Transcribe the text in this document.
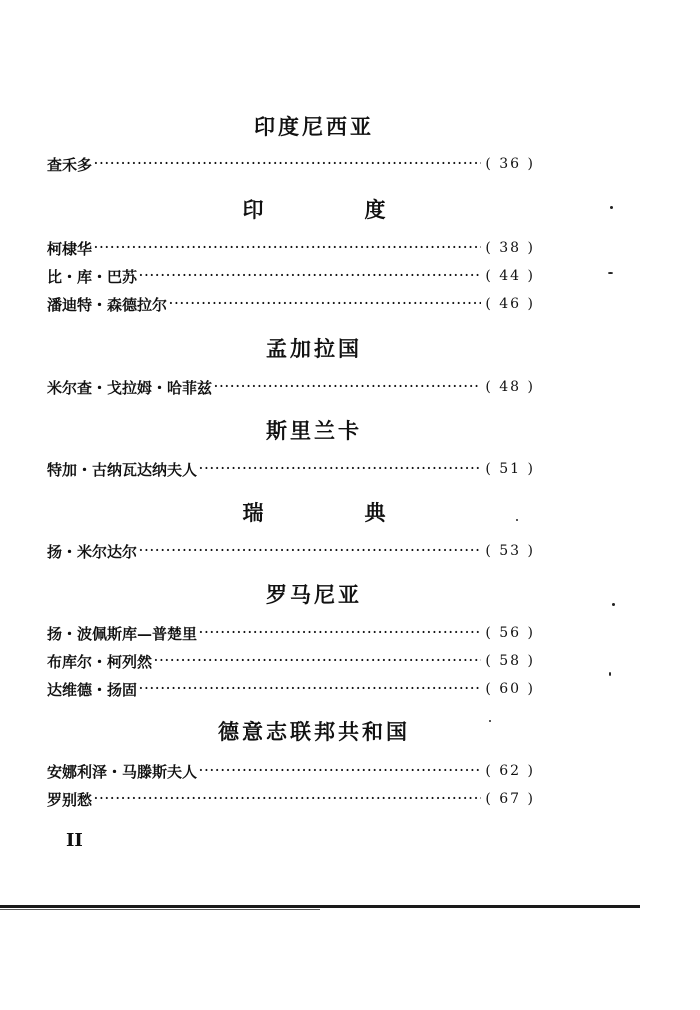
印度尼西亚
查禾多 ·····	( 36 )
印　度
柯棣华 ·····	( 38 )
比・库・巴苏 ·····	( 44 )
潘迪特・森德拉尔 ·····	( 46 )
孟加拉国
米尔查・戈拉姆・哈菲兹 ·····	( 48 )
斯里兰卡
特加・古纳瓦达纳夫人 ·····	( 51 )
瑞　典
扬・米尔达尔 ·····	( 53 )
罗马尼亚
扬・波佩斯库—普楚里 ·····	( 56 )
布库尔・柯列然 ·····	( 58 )
达维德・扬固 ·····	( 60 )
德意志联邦共和国
安娜利泽・马滕斯夫人 ·····	( 62 )
罗别愁 ·····	( 67 )
II
